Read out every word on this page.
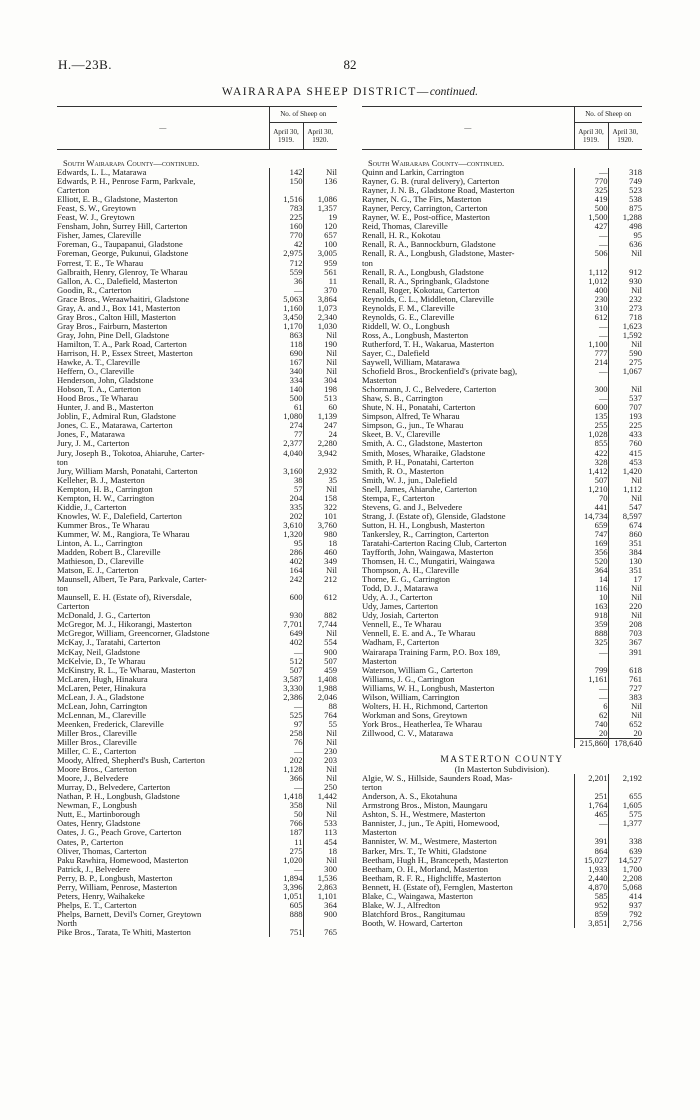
H.—23B.	82
WAIRARAPA SHEEP DISTRICT—continued.
—	No. of Sheep on	
	April 30, 1919.	April 30, 1920.

South Wairarapa County—continued.		
Edwards, L. L., Matarawa	142	Nil
Edwards, P. H., Penrose Farm, Parkvale,	150	136
Carterton		
Elliott, E. B., Gladstone, Masterton	1,516	1,086
Feast, S. W., Greytown	783	1,357
Feast, W. J., Greytown	225	19
Fensham, John, Surrey Hill, Carterton	160	120
Fisher, James, Clareville	770	657
Foreman, G., Taupapanui, Gladstone	42	100
Foreman, George, Pukunui, Gladstone	2,975	3,005
Forrest, T. E., Te Wharau	712	959
Galbraith, Henry, Glenroy, Te Wharau	559	561
Gallon, A. C., Dalefield, Masterton	36	11
Goodin, R., Carterton	—	370
Grace Bros., Weraawhaitiri, Gladstone	5,063	3,864
Gray, A. and J., Box 141, Masterton	1,160	1,073
Gray Bros., Calton Hill, Masterton	3,450	2,340
Gray Bros., Fairburn, Masterton	1,170	1,030
Gray, John, Pine Dell, Gladstone	863	Nil
Hamilton, T. A., Park Road, Carterton	118	190
Harrison, H. P., Essex Street, Masterton	690	Nil
Hawke, A. T., Clareville	167	Nil
Heffern, O., Clareville	340	Nil
Henderson, John, Gladstone	334	304
Hobson, T. A., Carterton	140	198
Hood Bros., Te Wharau	500	513
Hunter, J. and B., Masterton	61	60
Joblin, F., Admiral Run, Gladstone	1,080	1,139
Jones, C. E., Matarawa, Carterton	274	247
Jones, F., Matarawa	77	24
Jury, J. M., Carterton	2,377	2,280
Jury, Joseph B., Tokotoa, Ahiaruhe, Carter-	4,040	3,942
ton		
Jury, William Marsh, Ponatahi, Carterton	3,160	2,932
Kelleher, B. J., Masterton	38	35
Kempton, H. B., Carrington	57	Nil
Kempton, H. W., Carrington	204	158
Kiddie, J., Carterton	335	322
Knowles, W. F., Dalefield, Carterton	202	101
Kummer Bros., Te Wharau	3,610	3,760
Kummer, W. M., Rangiora, Te Wharau	1,320	980
Linton, A. L., Carrington	95	18
Madden, Robert B., Clareville	286	460
Mathieson, D., Clareville	402	349
Matson, E. J., Carterton	164	Nil
Maunsell, Albert, Te Para, Parkvale, Carter-	242	212
ton		
Maunsell, E. H. (Estate of), Riversdale,	600	612
Carterton		
McDonald, J. G., Carterton	930	882
McGregor, M. J., Hikorangi, Masterton	7,701	7,744
McGregor, William, Greencorner, Gladstone	649	Nil
McKay, J., Taratahi, Carterton	402	554
McKay, Neil, Gladstone	—	900
McKelvie, D., Te Wharau	512	507
McKinstry, R. L., Te Wharau, Masterton	507	459
McLaren, Hugh, Hinakura	3,587	1,408
McLaren, Peter, Hinakura	3,330	1,988
McLean, J. A., Gladstone	2,386	2,046
McLean, John, Carrington	—	88
McLennan, M., Clareville	525	764
Meenken, Frederick, Clareville	97	55
Miller Bros., Clareville	258	Nil
Miller Bros., Clareville	76	Nil
Miller, C. E., Carterton	—	230
Moody, Alfred, Shepherd's Bush, Carterton	202	203
Moore Bros., Carterton	1,128	Nil
Moore, J., Belvedere	366	Nil
Murray, D., Belvedere, Carterton	—	250
Nathan, P. H., Longbush, Gladstone	1,418	1,442
Newman, F., Longbush	358	Nil
Nutt, E., Martinborough	50	Nil
Oates, Henry, Gladstone	766	533
Oates, J. G., Peach Grove, Carterton	187	113
Oates, P., Carterton	11	454
Oliver, Thomas, Carterton	275	18
Paku Rawhira, Homewood, Masterton	1,020	Nil
Patrick, J., Belvedere	—	300
Perry, B. P., Longbush, Masterton	1,894	1,536
Perry, William, Penrose, Masterton	3,396	2,863
Peters, Henry, Waihakeke	1,051	1,101
Phelps, E. T., Carterton	605	364
Phelps, Barnett, Devil's Corner, Greytown	888	900
North		
Pike Bros., Tarata, Te Whiti, Masterton	751	765
—	No. of Sheep on	
	April 30, 1919.	April 30, 1920.

South Wairarapa County—continued.		
Quinn and Larkin, Carrington	—	318
Rayner, G. B. (rural delivery), Carterton	770	749
Rayner, J. N. B., Gladstone Road, Masterton	325	523
Rayner, N. G., The Firs, Masterton	419	538
Rayner, Percy, Carrington, Carterton	500	875
Rayner, W. E., Post-office, Masterton	1,500	1,288
Reid, Thomas, Clareville	427	498
Renall, H. R., Kokotau	—	95
Renall, R. A., Bannockburn, Gladstone	—	636
Renall, R. A., Longbush, Gladstone, Master-	506	Nil
ton		
Renall, R. A., Longbush, Gladstone	1,112	912
Renall, R. A., Springbank, Gladstone	1,012	930
Renall, Roger, Kokotau, Carterton	400	Nil
Reynolds, C. L., Middleton, Clareville	230	232
Reynolds, F. M., Clareville	310	273
Reynolds, G. E., Clareville	612	718
Riddell, W. O., Longbush	—	1,623
Ross, A., Longbush, Masterton	—	1,592
Rutherford, T. H., Wakarua, Masterton	1,100	Nil
Sayer, C., Dalefield	777	590
Saywell, William, Matarawa	214	275
Schofield Bros., Brockenfield's (private bag),	—	1,067
Masterton		
Schormann, J. C., Belvedere, Carterton	300	Nil
Shaw, S. B., Carrington	—	537
Shute, N. H., Ponatahi, Carterton	600	707
Simpson, Alfred, Te Wharau	135	193
Simpson, G., jun., Te Wharau	255	225
Skeet, B. V., Clareville	1,028	433
Smith, A. C., Gladstone, Masterton	855	760
Smith, Moses, Wharaike, Gladstone	422	415
Smith, P. H., Ponatahi, Carterton	328	453
Smith, R. O., Masterton	1,412	1,420
Smith, W. J., jun., Dalefield	507	Nil
Snell, James, Ahiaruhe, Carterton	1,210	1,112
Stempa, F., Carterton	70	Nil
Stevens, G. and J., Belvedere	441	547
Strang, J. (Estate of), Glenside, Gladstone	14,734	8,597
Sutton, H. H., Longbush, Masterton	659	674
Tankersley, R., Carrington, Carterton	747	860
Taratahi-Carterton Racing Club, Carterton	169	351
Tayfforth, John, Waingawa, Masterton	356	384
Thomsen, H. C., Mungatiri, Waingawa	520	130
Thompson, A. H., Clareville	364	351
Thorne, E. G., Carrington	14	17
Todd, D. J., Matarawa	116	Nil
Udy, A. J., Carterton	10	Nil
Udy, James, Carterton	163	220
Udy, Josiah, Carterton	918	Nil
Vennell, E., Te Wharau	359	208
Vennell, E. E. and A., Te Wharau	888	703
Wadham, F., Carterton	325	367
Wairarapa Training Farm, P.O. Box 189,	—	391
Masterton		
Waterson, William G., Carterton	799	618
Williams, J. G., Carrington	1,161	761
Williams, W. H., Longbush, Masterton	—	727
Wilson, William, Carrington	—	383
Wolters, H. H., Richmond, Carterton	6	Nil
Workman and Sons, Greytown	62	Nil
York Bros., Heatherlea, Te Wharau	740	652
Zillwood, C. V., Matarawa	20	20
	215,860	178,640
MASTERTON COUNTY		
(In Masterton Subdivision).		
Algie, W. S., Hillside, Saunders Road, Mas-	2,201	2,192
terton		
Anderson, A. S., Ekotahuna	251	655
Armstrong Bros., Miston, Maungaru	1,764	1,605
Ashton, S. H., Westmere, Masterton	465	575
Bannister, J., jun., Te Apiti, Homewood,	—	1,377
Masterton		
Bannister, W. M., Westmere, Masterton	391	338
Barker, Mrs. T., Te Whiti, Gladstone	864	639
Beetham, Hugh H., Brancepeth, Masterton	15,027	14,527
Beetham, O. H., Morland, Masterton	1,933	1,700
Beetham, R. F. R., Highcliffe, Masterton	2,440	2,208
Bennett, H. (Estate of), Fernglen, Masterton	4,870	5,068
Blake, C., Waingawa, Masterton	585	414
Blake, W. J., Alfredton	952	937
Blatchford Bros., Rangitumau	859	792
Booth, W. Howard, Carterton	3,851	2,756
